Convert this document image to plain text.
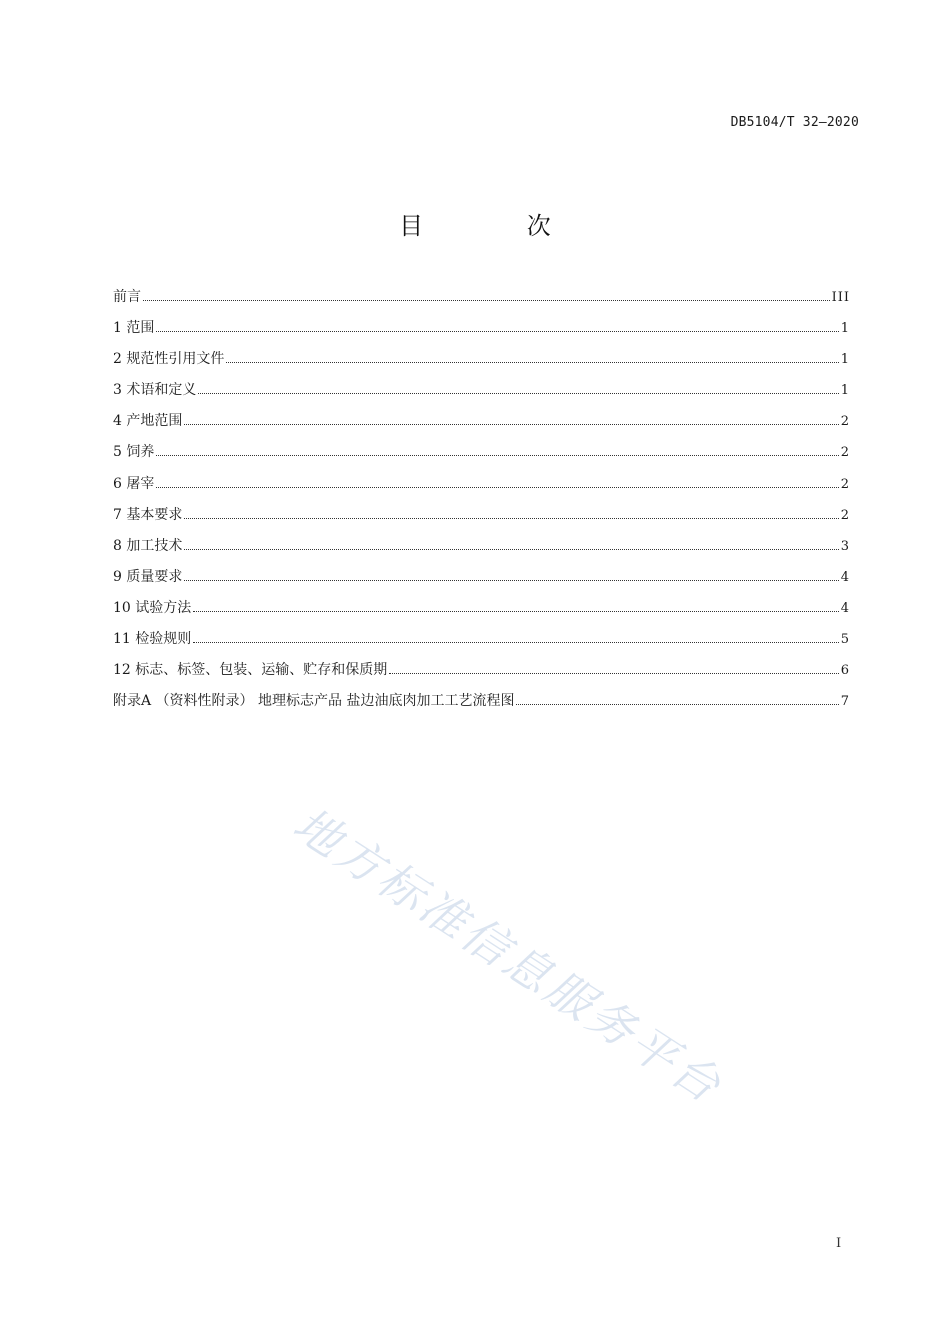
DB5104/T 32—2020
目 次
前言	III
1 范围	1
2 规范性引用文件	1
3 术语和定义	1
4 产地范围	2
5 饲养	2
6 屠宰	2
7 基本要求	2
8 加工技术	3
9 质量要求	4
10 试验方法	4
11 检验规则	5
12 标志、标签、包装、运输、贮存和保质期	6
附录A （资料性附录） 地理标志产品 盐边油底肉加工工艺流程图	7
地方标准信息服务平台
I
